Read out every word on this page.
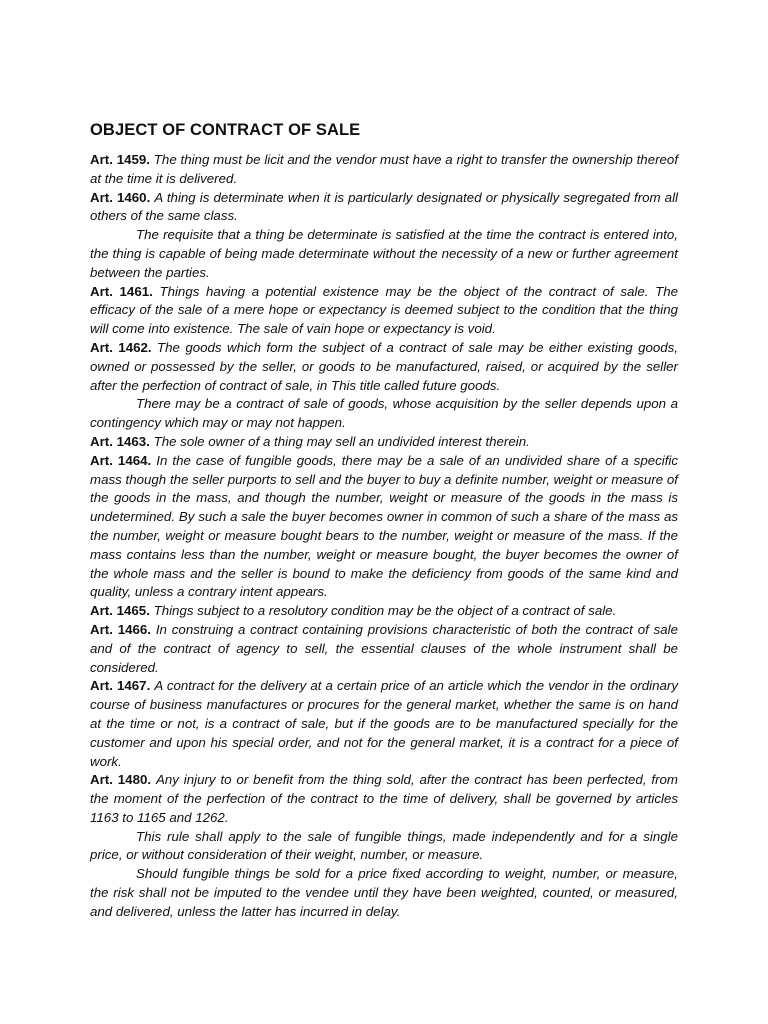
OBJECT OF CONTRACT OF SALE

Art. 1459. The thing must be licit and the vendor must have a right to transfer the ownership thereof at the time it is delivered.

Art. 1460. A thing is determinate when it is particularly designated or physically segregated from all others of the same class.

The requisite that a thing be determinate is satisfied at the time the contract is entered into, the thing is capable of being made determinate without the necessity of a new or further agreement between the parties.

Art. 1461. Things having a potential existence may be the object of the contract of sale. The efficacy of the sale of a mere hope or expectancy is deemed subject to the condition that the thing will come into existence. The sale of vain hope or expectancy is void.

Art. 1462. The goods which form the subject of a contract of sale may be either existing goods, owned or possessed by the seller, or goods to be manufactured, raised, or acquired by the seller after the perfection of contract of sale, in This title called future goods.

There may be a contract of sale of goods, whose acquisition by the seller depends upon a contingency which may or may not happen.

Art. 1463. The sole owner of a thing may sell an undivided interest therein.

Art. 1464. In the case of fungible goods, there may be a sale of an undivided share of a specific mass though the seller purports to sell and the buyer to buy a definite number, weight or measure of the goods in the mass, and though the number, weight or measure of the goods in the mass is undetermined. By such a sale the buyer becomes owner in common of such a share of the mass as the number, weight or measure bought bears to the number, weight or measure of the mass. If the mass contains less than the number, weight or measure bought, the buyer becomes the owner of the whole mass and the seller is bound to make the deficiency from goods of the same kind and quality, unless a contrary intent appears.

Art. 1465. Things subject to a resolutory condition may be the object of a contract of sale.

Art. 1466. In construing a contract containing provisions characteristic of both the contract of sale and of the contract of agency to sell, the essential clauses of the whole instrument shall be considered.

Art. 1467. A contract for the delivery at a certain price of an article which the vendor in the ordinary course of business manufactures or procures for the general market, whether the same is on hand at the time or not, is a contract of sale, but if the goods are to be manufactured specially for the customer and upon his special order, and not for the general market, it is a contract for a piece of work.

Art. 1480. Any injury to or benefit from the thing sold, after the contract has been perfected, from the moment of the perfection of the contract to the time of delivery, shall be governed by articles 1163 to 1165 and 1262.

This rule shall apply to the sale of fungible things, made independently and for a single price, or without consideration of their weight, number, or measure.

Should fungible things be sold for a price fixed according to weight, number, or measure, the risk shall not be imputed to the vendee until they have been weighted, counted, or measured, and delivered, unless the latter has incurred in delay.
